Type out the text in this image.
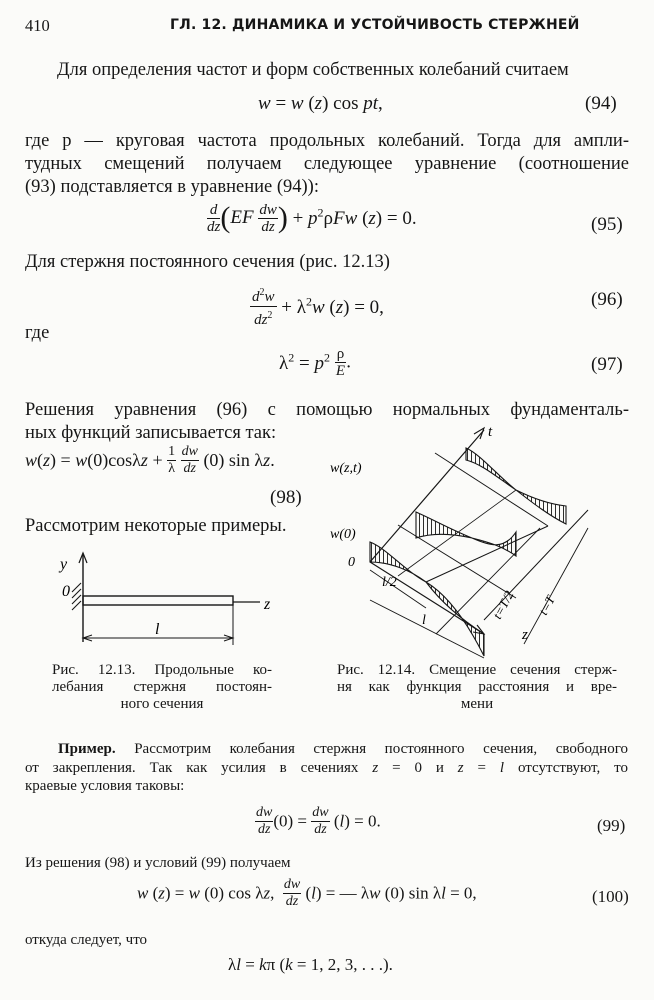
410	ГЛ. 12. ДИНАМИКА И УСТОЙЧИВОСТЬ СТЕРЖНЕЙ
Для определения частот и форм собственных колебаний считаем
w = w (z) cos pt,	(94)
где p — круговая частота продольных колебаний. Тогда для ампли-
тудных смещений получаем следующее уравнение (соотношение
(93) подставляется в уравнение (94)):
$\frac{d}{dz} (EF \frac{dw}{dz}$ ) + $p^2\rho Fw$ (z) = 0.	(95)
Для стержня постоянного сечения (рис. 12.13)
$\frac{d^2w}{dz^2} + \lambda^2w$ (z) = 0,	(96)
где
$\lambda^2 = p^2 \frac{\rho}{E}$ .	(97)
Решения уравнения (96) с помощью нормальных фундаменталь-
ных функций записывается так:
$w(z) = w(0)\cos\lambda z + \frac{1}{\lambda}$
$\frac{dw}{dz} (0)$ sin λz.
(98)
Рассмотрим некоторые примеры.
y
0
z
l
Рис. 12.13. Продольные ко-
лебания стержня постоян-
ного сечения
t
w(z,t)
w(0)
0
l/2
l	t=T/2 t=T
z
Рис. 12.14. Смещение сечения стерж-
ня как функция расстояния и вре-
мени
Пример. Рассмотрим колебания стержня постоянного сечения, свободного
от закрепления. Так как усилия в сечениях z = 0 и z = l отсутствуют, то
краевые условия таковы:
$\frac{dw}{dz} (0) = \frac{dw}{dz} (l) = 0$.	(99)
Из решения (98) и условий (99) получаем
w (z) = w (0) cos λz, $\frac{dw}{dz} (l)$ = — λw (0) sin λl = 0,	(100)
откуда следует, что
λl = kπ (k = 1, 2, 3, . . .).
